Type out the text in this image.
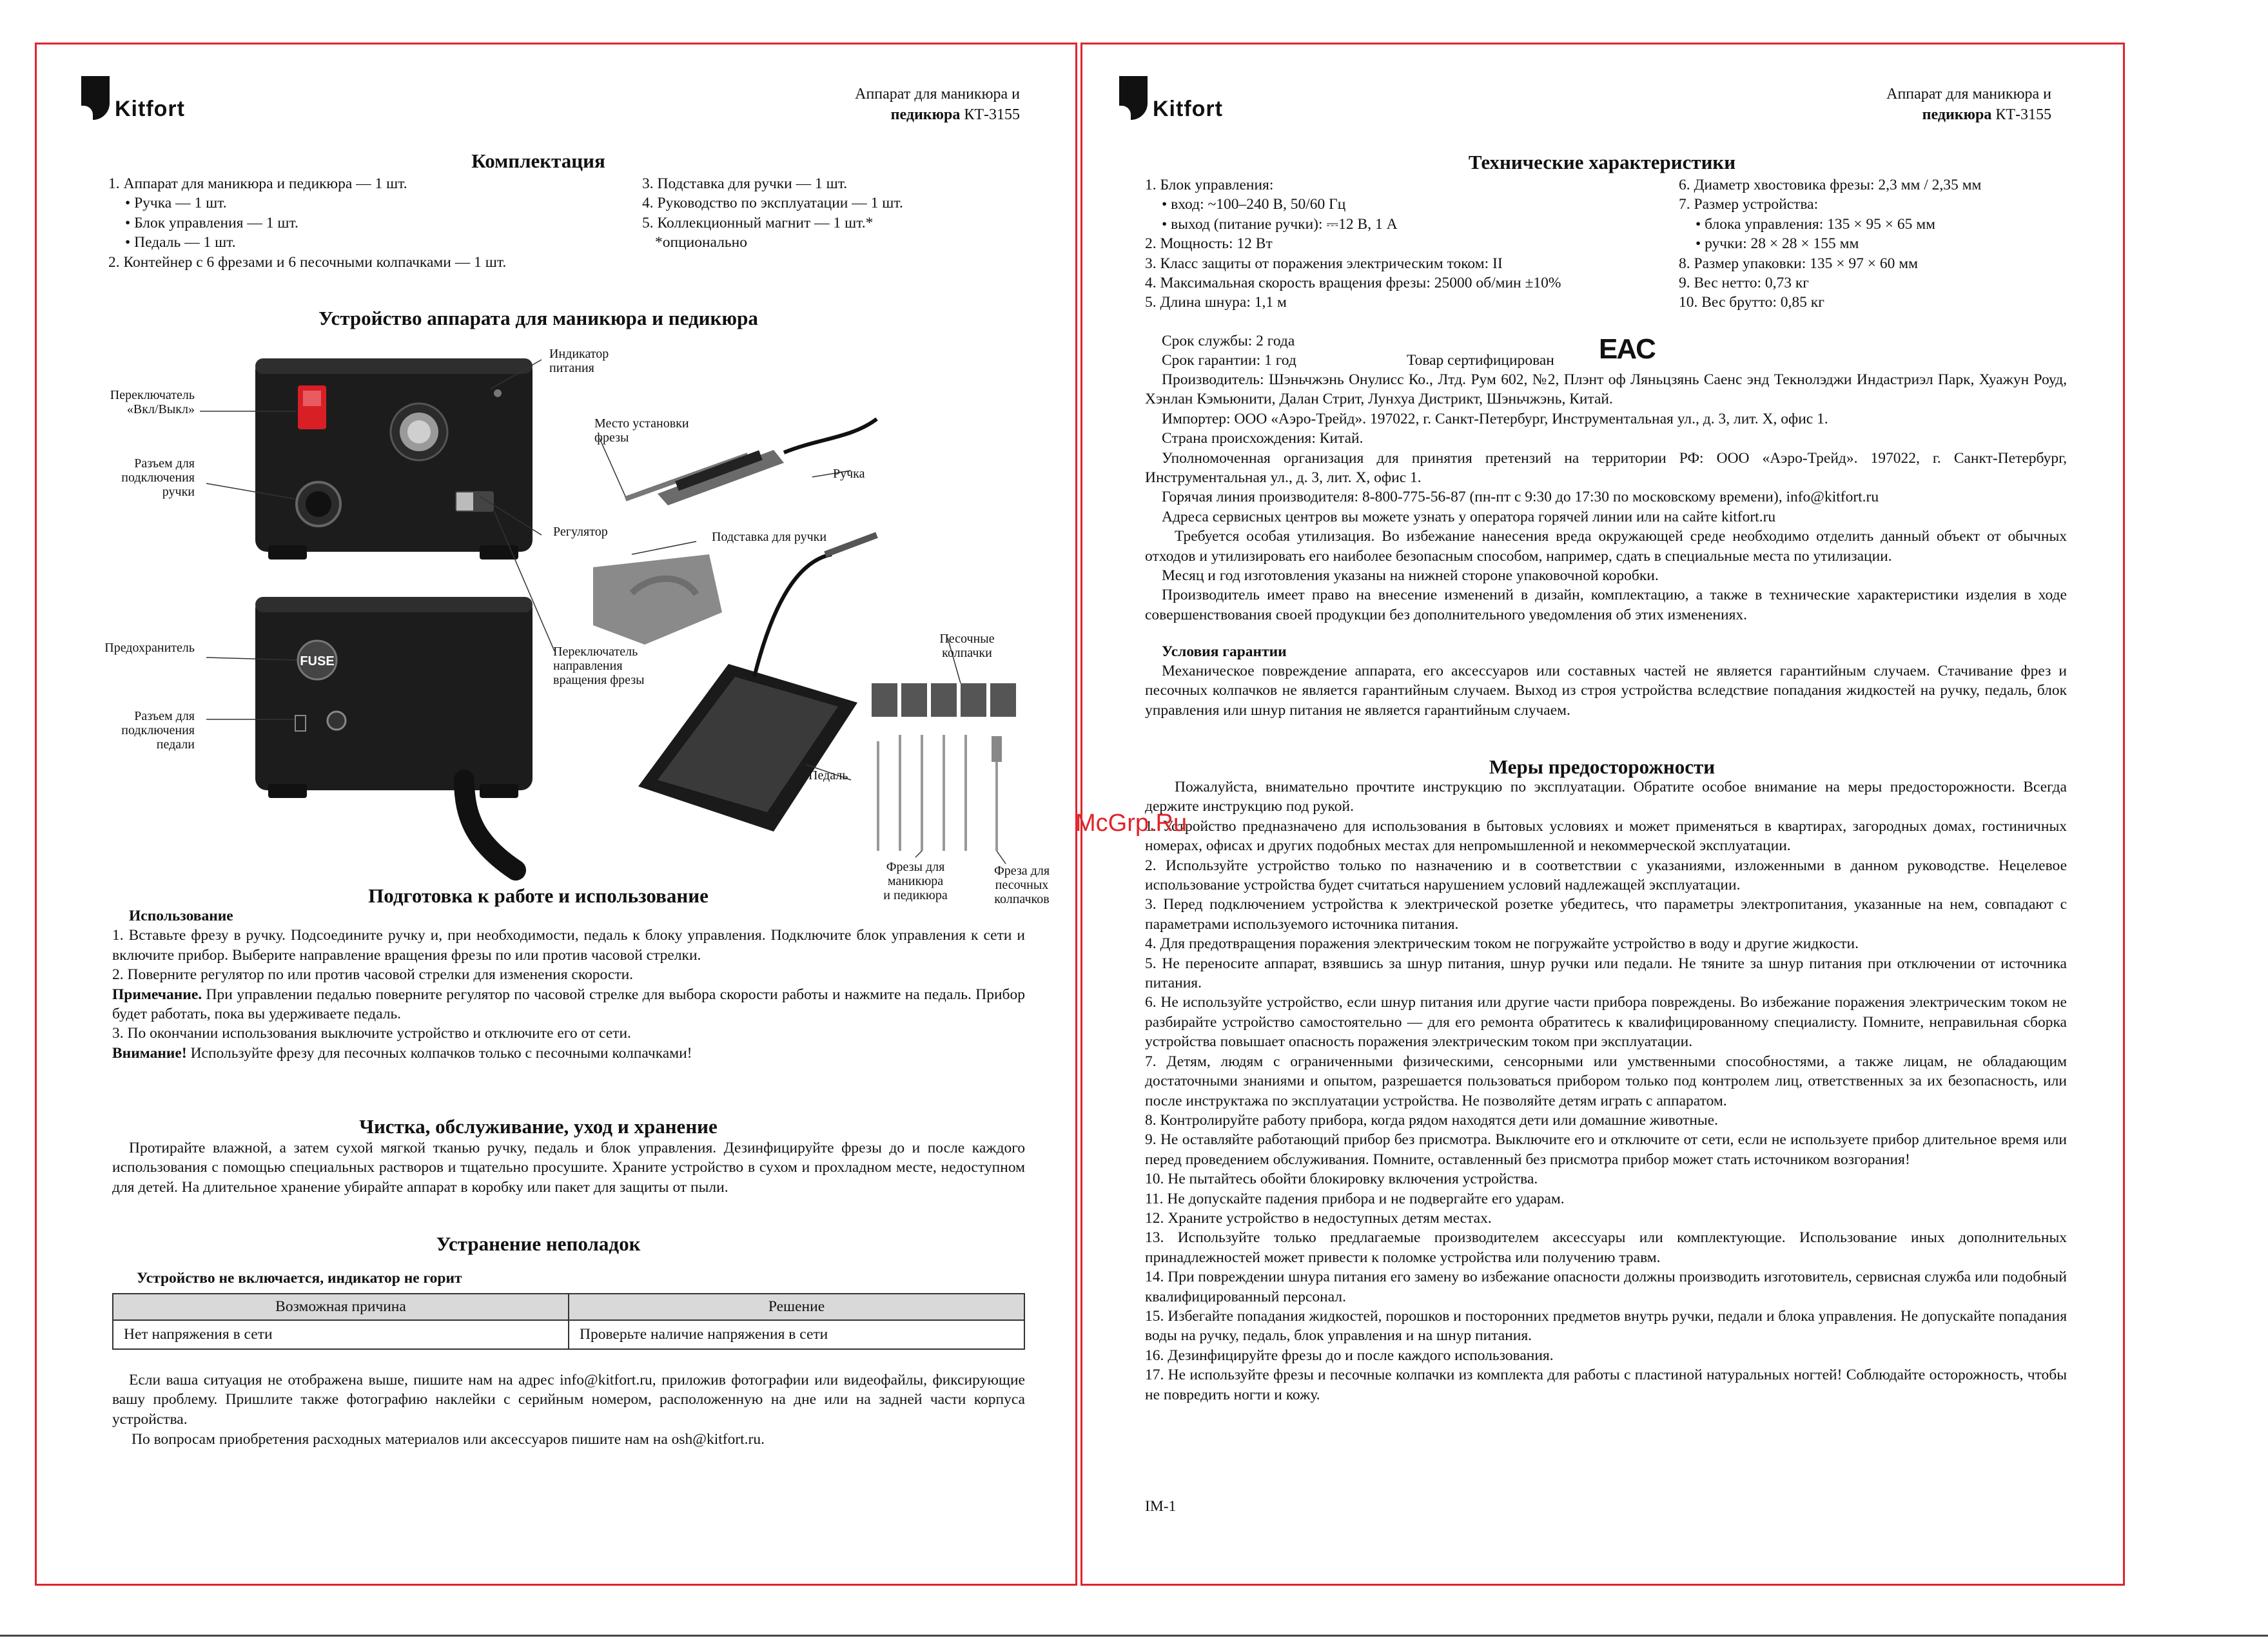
Kitfort
Аппарат для маникюра и
педикюра КТ-3155
Комплектация

1. Аппарат для маникюра и педикюра — 1 шт.

• Ручка — 1 шт.

• Блок управления — 1 шт.

• Педаль — 1 шт.

2. Контейнер с 6 фрезами и 6 песочными колпачками — 1 шт.

3. Подставка для ручки — 1 шт.

4. Руководство по эксплуатации — 1 шт.

5. Коллекционный магнит — 1 шт.*

*опционально

Устройство аппарата для маникюра и педикюра
FUSE
Индикатор
питания
Переключатель
«Вкл/Выкл»
Разъем для
подключения
ручки
Место установки
фрезы
Ручка
Регулятор	Подставка для ручки
Предохранитель
Разъем для
подключения
педали
Переключатель
направления
вращения фрезы
Песочные
колпачки
Педаль
Фрезы для
маникюра
и педикюра
Фреза для
песочных
колпачков
Подготовка к работе и использование

Использование

1. Вставьте фрезу в ручку. Подсоедините ручку и, при необходимости, педаль к блоку управления. Подключите блок управления к сети и включите прибор. Выберите направление вращения фрезы по или против часовой стрелки.

2. Поверните регулятор по или против часовой стрелки для изменения скорости.

Примечание. При управлении педалью поверните регулятор по часовой стрелке для выбора скорости работы и нажмите на педаль. Прибор будет работать, пока вы удерживаете педаль.

3. По окончании использования выключите устройство и отключите его от сети.

Внимание! Используйте фрезу для песочных колпачков только с песочными колпачками!

Чистка, обслуживание, уход и хранение
Протирайте влажной, а затем сухой мягкой тканью ручку, педаль и блок управления. Дезинфицируйте фрезы до и после каждого использования с помощью специальных растворов и тщательно просушите. Храните устройство в сухом и прохладном месте, недоступном для детей. На длительное хранение убирайте аппарат в коробку или пакет для защиты от пыли.
Устранение неполадок
Устройство не включается, индикатор не горит
Возможная причина	Решение
Нет напряжения в сети	Проверьте наличие напряжения в сети
Если ваша ситуация не отображена выше, пишите нам на адрес info@kitfort.ru, приложив фотографии или видеофайлы, фиксирующие вашу проблему. Пришлите также фотографию наклейки с серийным номером, расположенную на дне или на задней части корпуса устройства.
По вопросам приобретения расходных материалов или аксессуаров пишите нам на osh@kitfort.ru.
Kitfort
Аппарат для маникюра и
педикюра КТ-3155
Технические характеристики

1. Блок управления:

• вход: ~100–240 В, 50/60 Гц

• выход (питание ручки): ⎓12 В, 1 А

2. Мощность: 12 Вт

3. Класс защиты от поражения электрическим током: II

4. Максимальная скорость вращения фрезы: 25000 об/мин ±10%

5. Длина шнура: 1,1 м

6. Диаметр хвостовика фрезы: 2,3 мм / 2,35 мм

7. Размер устройства:

• блока управления: 135 × 95 × 65 мм

• ручки: 28 × 28 × 155 мм

8. Размер упаковки: 135 × 97 × 60 мм

9. Вес нетто: 0,73 кг

10. Вес брутто: 0,85 кг

Срок службы: 2 года
Срок гарантии: 1 год	Товар сертифицирован EAC

Производитель: Шэньчжэнь Онулисс Ко., Лтд. Рум 602, №2, Плэнт оф Ляньцзянь Саенс энд Текнолэджи Индастриэл Парк, Хуажун Роуд, Хэнлан Кэмьюнити, Далан Стрит, Лунхуа Дистрикт, Шэньчжэнь, Китай.

Импортер: ООО «Аэро-Трейд». 197022, г. Санкт-Петербург, Инструментальная ул., д. 3, лит. Х, офис 1.

Страна происхождения: Китай.

Уполномоченная организация для принятия претензий на территории РФ: ООО «Аэро-Трейд». 197022, г. Санкт-Петербург, Инструментальная ул., д. 3, лит. Х, офис 1.

Горячая линия производителя: 8-800-775-56-87 (пн-пт с 9:30 до 17:30 по московскому времени), info@kitfort.ru

Адреса сервисных центров вы можете узнать у оператора горячей линии или на сайте kitfort.ru

Требуется особая утилизация. Во избежание нанесения вреда окружающей среде необходимо отделить данный объект от обычных отходов и утилизировать его наиболее безопасным способом, например, сдать в специальные места по утилизации.

Месяц и год изготовления указаны на нижней стороне упаковочной коробки.

Производитель имеет право на внесение изменений в дизайн, комплектацию, а также в технические характеристики изделия в ходе совершенствования своей продукции без дополнительного уведомления об этих изменениях.

Условия гарантии
Механическое повреждение аппарата, его аксессуаров или составных частей не является гарантийным случаем. Стачивание фрез и песочных колпачков не является гарантийным случаем. Выход из строя устройства вследствие попадания жидкостей на ручку, педаль, блок управления или шнур питания не является гарантийным случаем.
Меры предосторожности

Пожалуйста, внимательно прочтите инструкцию по эксплуатации. Обратите особое внимание на меры предосторожности. Всегда держите инструкцию под рукой.

1. Устройство предназначено для использования в бытовых условиях и может применяться в квартирах, загородных домах, гостиничных номерах, офисах и других подобных местах для непромышленной и некоммерческой эксплуатации.

2. Используйте устройство только по назначению и в соответствии с указаниями, изложенными в данном руководстве. Нецелевое использование устройства будет считаться нарушением условий надлежащей эксплуатации.

3. Перед подключением устройства к электрической розетке убедитесь, что параметры электропитания, указанные на нем, совпадают с параметрами используемого источника питания.

4. Для предотвращения поражения электрическим током не погружайте устройство в воду и другие жидкости.

5. Не переносите аппарат, взявшись за шнур питания, шнур ручки или педали. Не тяните за шнур питания при отключении от источника питания.

6. Не используйте устройство, если шнур питания или другие части прибора повреждены. Во избежание поражения электрическим током не разбирайте устройство самостоятельно — для его ремонта обратитесь к квалифицированному специалисту. Помните, неправильная сборка устройства повышает опасность поражения электрическим током при эксплуатации.

7. Детям, людям с ограниченными физическими, сенсорными или умственными способностями, а также лицам, не обладающим достаточными знаниями и опытом, разрешается пользоваться прибором только под контролем лиц, ответственных за их безопасность, или после инструктажа по эксплуатации устройства. Не позволяйте детям играть с аппаратом.

8. Контролируйте работу прибора, когда рядом находятся дети или домашние животные.

9. Не оставляйте работающий прибор без присмотра. Выключите его и отключите от сети, если не используете прибор длительное время или перед проведением обслуживания. Помните, оставленный без присмотра прибор может стать источником возгорания!

10. Не пытайтесь обойти блокировку включения устройства.

11. Не допускайте падения прибора и не подвергайте его ударам.

12. Храните устройство в недоступных детям местах.

13. Используйте только предлагаемые производителем аксессуары или комплектующие. Использование иных дополнительных принадлежностей может привести к поломке устройства или получению травм.

14. При повреждении шнура питания его замену во избежание опасности должны производить изготовитель, сервисная служба или подобный квалифицированный персонал.

15. Избегайте попадания жидкостей, порошков и посторонних предметов внутрь ручки, педали и блока управления. Не допускайте попадания воды на ручку, педаль, блок управления и на шнур питания.

16. Дезинфицируйте фрезы до и после каждого использования.

17. Не используйте фрезы и песочные колпачки из комплекта для работы с пластиной натуральных ногтей! Соблюдайте осторожность, чтобы не повредить ногти и кожу.

IM-1
McGrp.Ru
